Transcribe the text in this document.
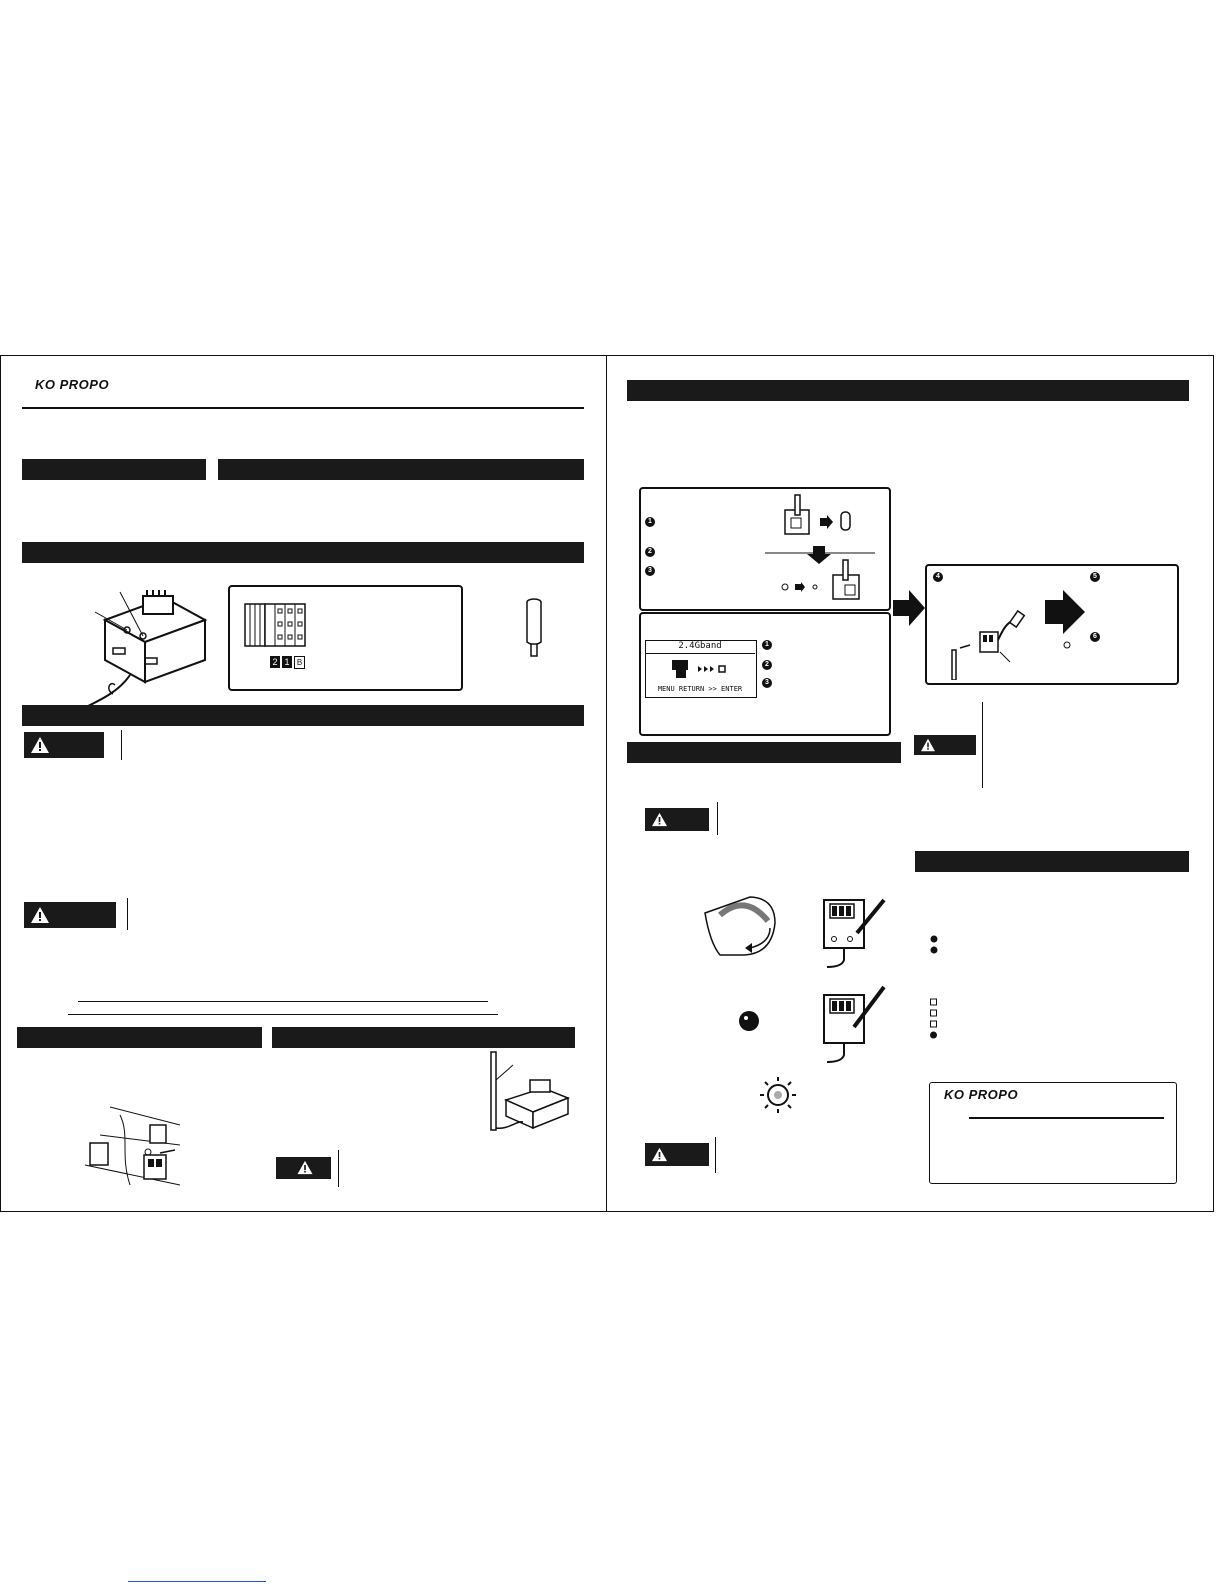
KO PROPO
2 1 B
1
2
3
2.4Gband
MENU RETURN >> ENTER
1
2
3
4	5
6
KO PROPO
